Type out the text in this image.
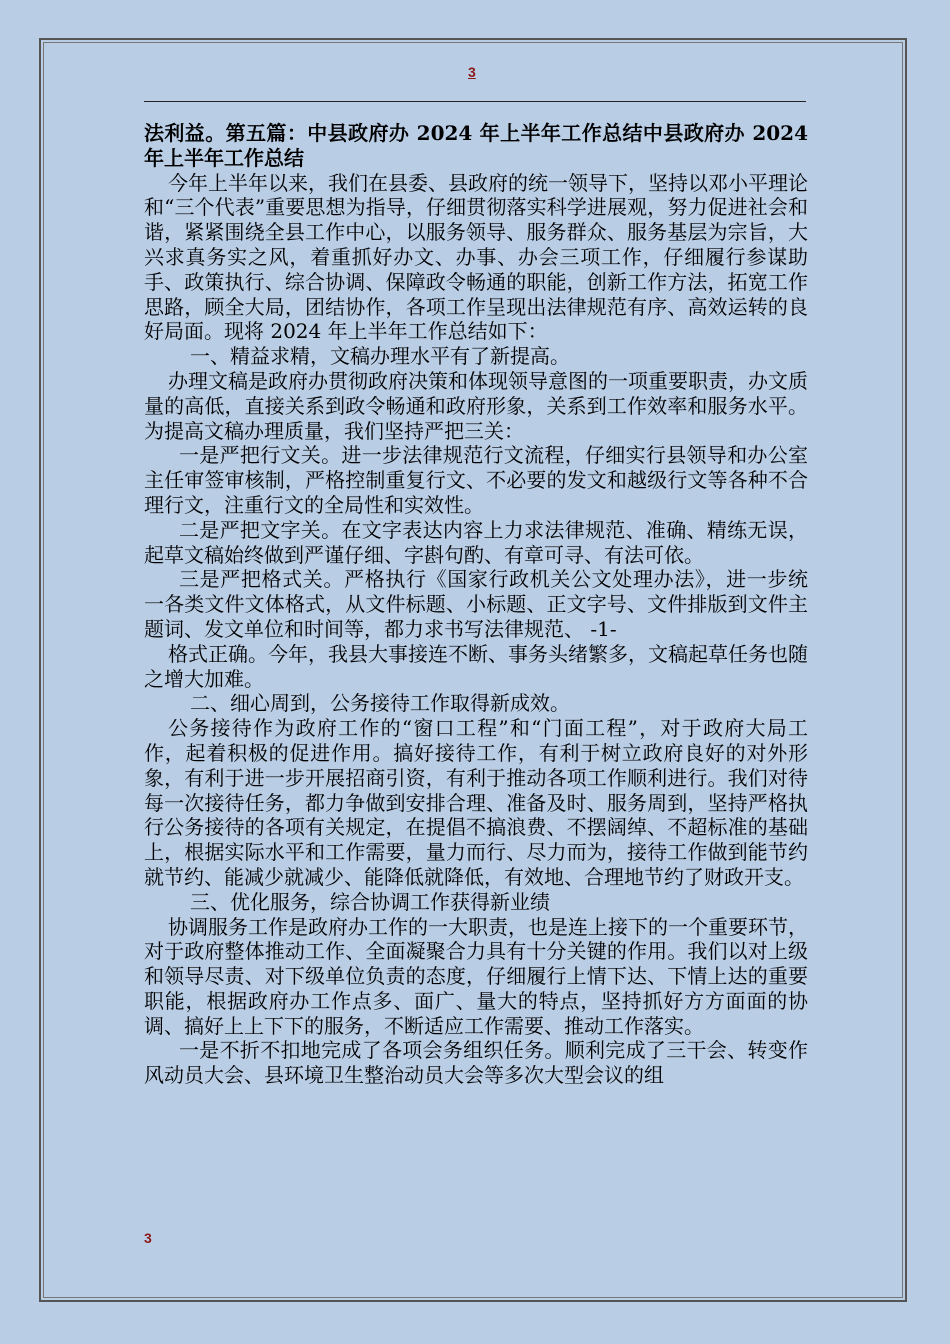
3

法利益。第五篇：中县政府办 2024 年上半年工作总结中县政府办 2024 年上半年工作总结

今年上半年以来，我们在县委、县政府的统一领导下，坚持以邓小平理论和“三个代表”重要思想为指导，仔细贯彻落实科学进展观，努力促进社会和谐，紧紧围绕全县工作中心，以服务领导、服务群众、服务基层为宗旨，大兴求真务实之风，着重抓好办文、办事、办会三项工作，仔细履行参谋助手、政策执行、综合协调、保障政令畅通的职能，创新工作方法，拓宽工作思路，顾全大局，团结协作，各项工作呈现出法律规范有序、高效运转的良好局面。现将 2024 年上半年工作总结如下：

一、精益求精，文稿办理水平有了新提高。

办理文稿是政府办贯彻政府决策和体现领导意图的一项重要职责，办文质量的高低，直接关系到政令畅通和政府形象，关系到工作效率和服务水平。为提高文稿办理质量，我们坚持严把三关：

一是严把行文关。进一步法律规范行文流程，仔细实行县领导和办公室主任审签审核制，严格控制重复行文、不必要的发文和越级行文等各种不合理行文，注重行文的全局性和实效性。

二是严把文字关。在文字表达内容上力求法律规范、准确、精练无误，起草文稿始终做到严谨仔细、字斟句酌、有章可寻、有法可依。

三是严把格式关。严格执行《国家行政机关公文处理办法》，进一步统一各类文件文体格式，从文件标题、小标题、正文字号、文件排版到文件主题词、发文单位和时间等，都力求书写法律规范、 -1-

格式正确。今年，我县大事接连不断、事务头绪繁多，文稿起草任务也随之增大加难。

二、细心周到，公务接待工作取得新成效。

公务接待作为政府工作的“窗口工程”和“门面工程”，对于政府大局工作，起着积极的促进作用。搞好接待工作，有利于树立政府良好的对外形象，有利于进一步开展招商引资，有利于推动各项工作顺利进行。我们对待每一次接待任务，都力争做到安排合理、准备及时、服务周到，坚持严格执行公务接待的各项有关规定，在提倡不搞浪费、不摆阔绰、不超标准的基础上，根据实际水平和工作需要，量力而行、尽力而为，接待工作做到能节约就节约、能减少就减少、能降低就降低，有效地、合理地节约了财政开支。

三、优化服务，综合协调工作获得新业绩

协调服务工作是政府办工作的一大职责，也是连上接下的一个重要环节，对于政府整体推动工作、全面凝聚合力具有十分关键的作用。我们以对上级和领导尽责、对下级单位负责的态度，仔细履行上情下达、下情上达的重要职能，根据政府办工作点多、面广、量大的特点，坚持抓好方方面面的协调、搞好上上下下的服务，不断适应工作需要、推动工作落实。

一是不折不扣地完成了各项会务组织任务。顺利完成了三干会、转变作风动员大会、县环境卫生整治动员大会等多次大型会议的组

3
